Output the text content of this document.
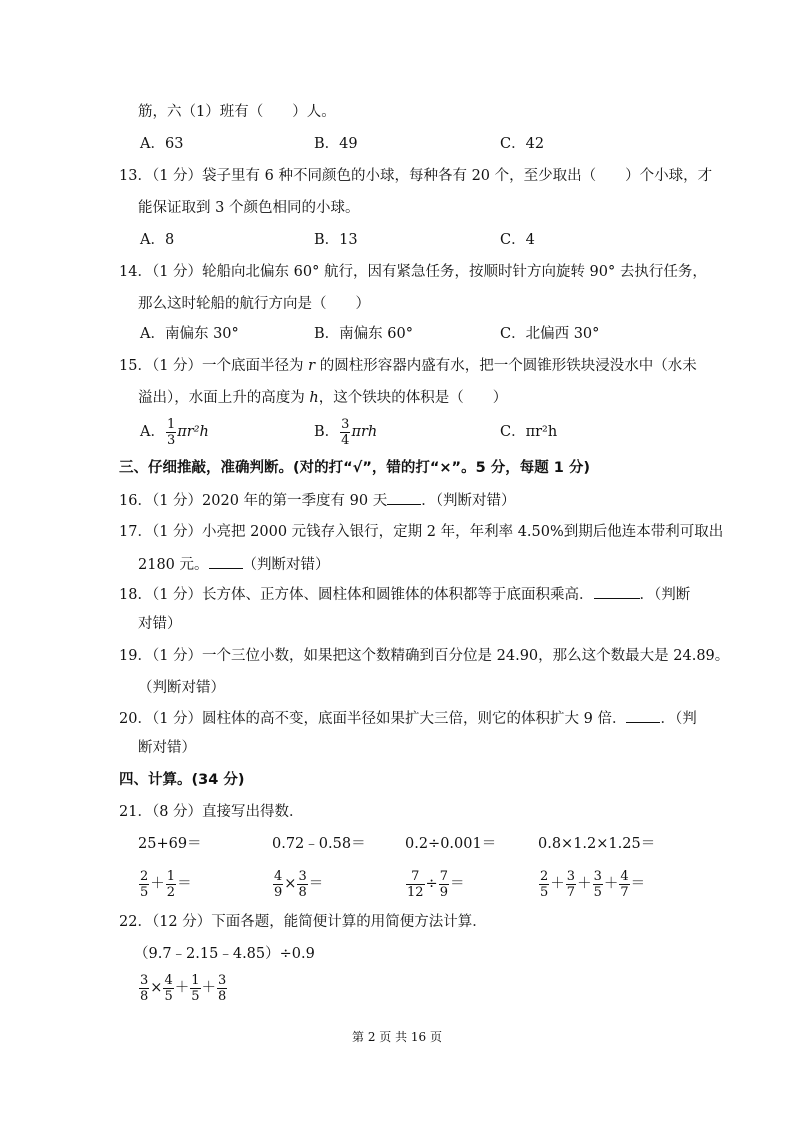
筋，六（1）班有（　　）人。
A．63	B．49	C．42
13．（1 分）袋子里有 6 种不同颜色的小球，每种各有 20 个，至少取出（　　）个小球，才
能保证取到 3 个颜色相同的小球。
A．8	B．13	C．4
14．（1 分）轮船向北偏东 60° 航行，因有紧急任务，按顺时针方向旋转 90° 去执行任务，
那么这时轮船的航行方向是（　　）
A．南偏东 30°	B．南偏东 60°	C．北偏西 30°
15．（1 分）一个底面半径为 r 的圆柱形容器内盛有水，把一个圆锥形铁块浸没水中（水未
溢出），水面上升的高度为 h，这个铁块的体积是（　　）
A． $\frac{1}{3} \pi r^2h$	B． $\frac{3}{4}$ πrh	C．πr²h
三、仔细推敲，准确判断。(对的打“√”，错的打“×”。5 分，每题 1 分)
16．（1 分）2020 年的第一季度有 90 天 ．（判断对错）
17．（1 分）小亮把 2000 元钱存入银行，定期 2 年，年利率 4.50%到期后他连本带利可取出
2180 元。 （判断对错）
18．（1 分）长方体、正方体、圆柱体和圆锥体的体积都等于底面积乘高．	．（判断
对错）
19．（1 分）一个三位小数，如果把这个数精确到百分位是 24.90，那么这个数最大是 24.89。
（判断对错）
20．（1 分）圆柱体的高不变，底面半径如果扩大三倍，则它的体积扩大 9 倍． ．（判
断对错）
四、计算。(34 分)
21．（8 分）直接写出得数．
25+69＝	0.72﹣0.58＝	0.2÷0.001＝	0.8×1.2×1.25＝
$\frac{2}{5} + \frac{1}{2}$ ＝	$\frac{4}{9} \times \frac{3}{8}$ ＝	$\frac{7}{12} \div \frac{7}{9}$ ＝	$\frac{2}{5} + \frac{3}{7} + \frac{3}{5} + \frac{4}{7}$ ＝
22．（12 分）下面各题，能简便计算的用简便方法计算．
（9.7﹣2.15﹣4.85）÷0.9
$\frac{3}{8} \times \frac{4}{5} + \frac{1}{5} + \frac{3}{8}$
第 2 页 共 16 页
